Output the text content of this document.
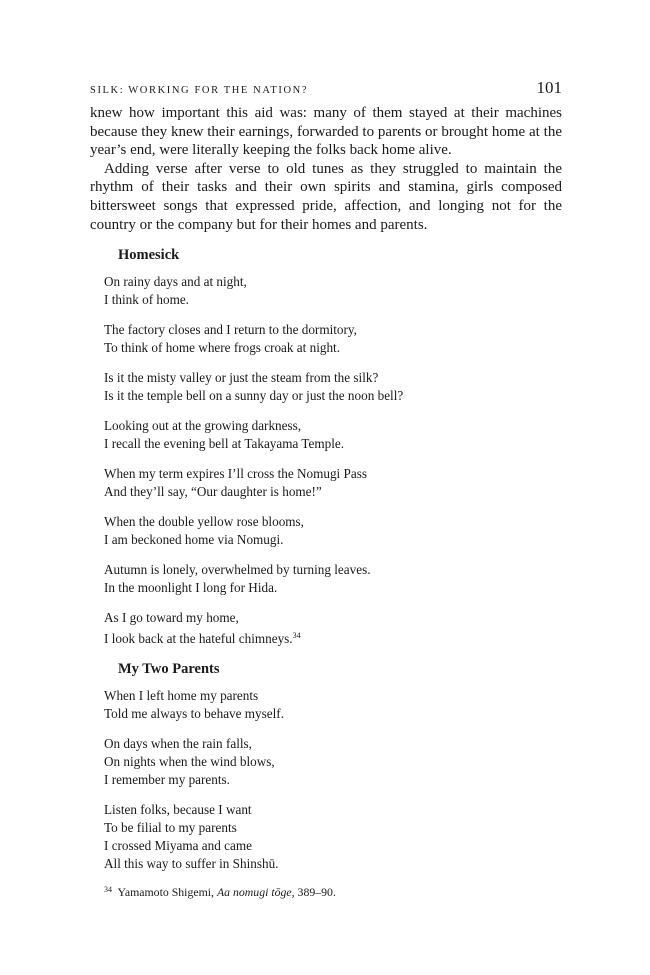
SILK: WORKING FOR THE NATION?	101

knew how important this aid was: many of them stayed at their machines because they knew their earnings, forwarded to parents or brought home at the year’s end, were literally keeping the folks back home alive.

Adding verse after verse to old tunes as they struggled to maintain the rhythm of their tasks and their own spirits and stamina, girls composed bittersweet songs that expressed pride, affection, and longing not for the country or the company but for their homes and parents.

Homesick
On rainy days and at night,
I think of home.
The factory closes and I return to the dormitory,
To think of home where frogs croak at night.
Is it the misty valley or just the steam from the silk?
Is it the temple bell on a sunny day or just the noon bell?
Looking out at the growing darkness,
I recall the evening bell at Takayama Temple.
When my term expires I’ll cross the Nomugi Pass
And they’ll say, “Our daughter is home!”
When the double yellow rose blooms,
I am beckoned home via Nomugi.
Autumn is lonely, overwhelmed by turning leaves.
In the moonlight I long for Hida.
As I go toward my home,
I look back at the hateful chimneys.$^{34}$
My Two Parents
When I left home my parents
Told me always to behave myself.
On days when the rain falls,
On nights when the wind blows,
I remember my parents.
Listen folks, because I want
To be filial to my parents
I crossed Miyama and came
All this way to suffer in Shinshū.
$^{34}$ Yamamoto Shigemi, Aa nomugi tōge, 389–90.
